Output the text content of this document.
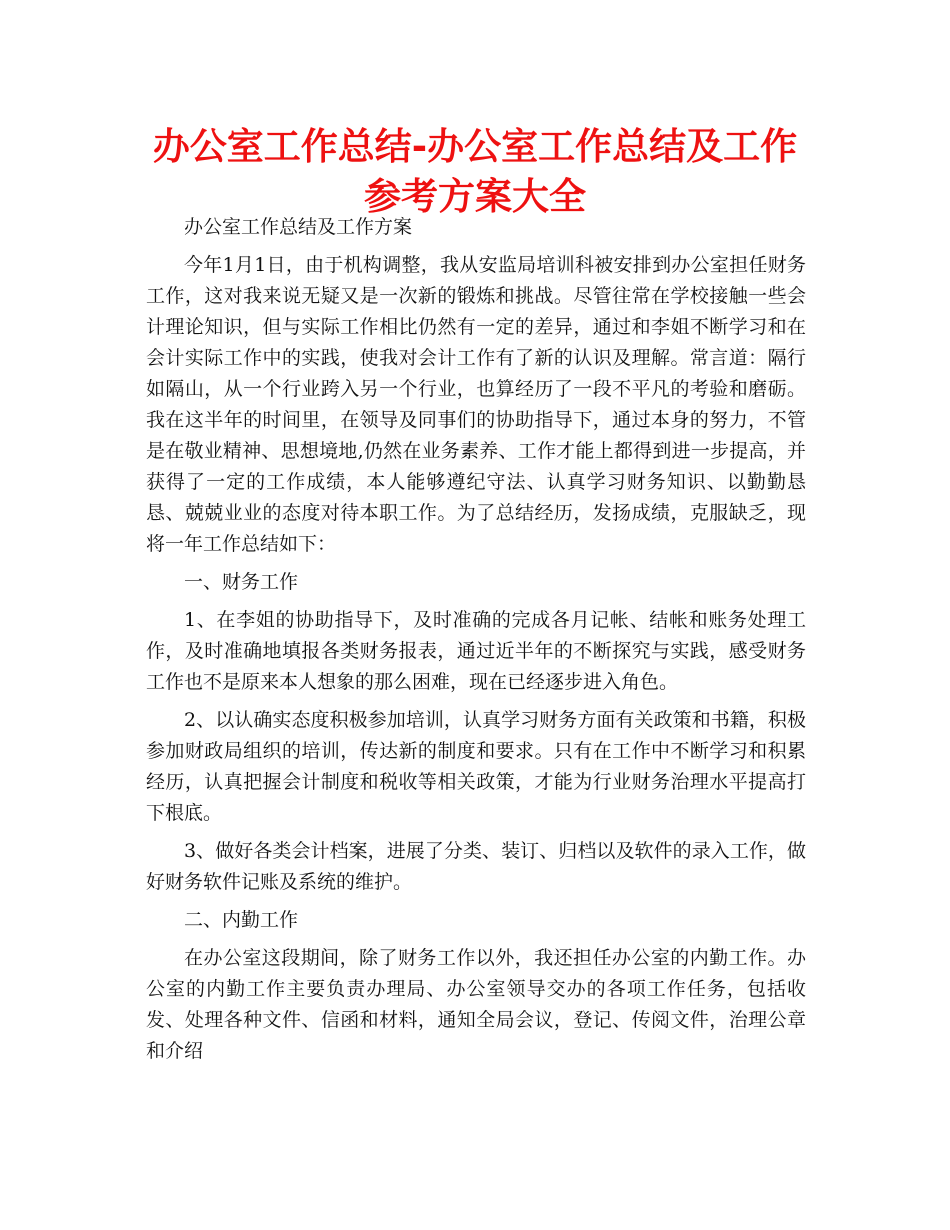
办公室工作总结-办公室工作总结及工作参考方案大全

办公室工作总结及工作方案

今年1月1日，由于机构调整，我从安监局培训科被安排到办公室担任财务工作，这对我来说无疑又是一次新的锻炼和挑战。尽管往常在学校接触一些会计理论知识，但与实际工作相比仍然有一定的差异，通过和李姐不断学习和在会计实际工作中的实践，使我对会计工作有了新的认识及理解。常言道：隔行如隔山，从一个行业跨入另一个行业，也算经历了一段不平凡的考验和磨砺。我在这半年的时间里，在领导及同事们的协助指导下，通过本身的努力，不管是在敬业精神、思想境地,仍然在业务素养、工作才能上都得到进一步提高，并获得了一定的工作成绩，本人能够遵纪守法、认真学习财务知识、以勤勤恳恳、兢兢业业的态度对待本职工作。为了总结经历，发扬成绩，克服缺乏，现将一年工作总结如下：

一、财务工作

1、在李姐的协助指导下，及时准确的完成各月记帐、结帐和账务处理工作，及时准确地填报各类财务报表，通过近半年的不断探究与实践，感受财务工作也不是原来本人想象的那么困难，现在已经逐步进入角色。

2、以认确实态度积极参加培训，认真学习财务方面有关政策和书籍，积极参加财政局组织的培训，传达新的制度和要求。只有在工作中不断学习和积累经历，认真把握会计制度和税收等相关政策，才能为行业财务治理水平提高打下根底。

3、做好各类会计档案，进展了分类、装订、归档以及软件的录入工作，做好财务软件记账及系统的维护。

二、内勤工作

在办公室这段期间，除了财务工作以外，我还担任办公室的内勤工作。办公室的内勤工作主要负责办理局、办公室领导交办的各项工作任务，包括收发、处理各种文件、信函和材料，通知全局会议，登记、传阅文件，治理公章和介绍
